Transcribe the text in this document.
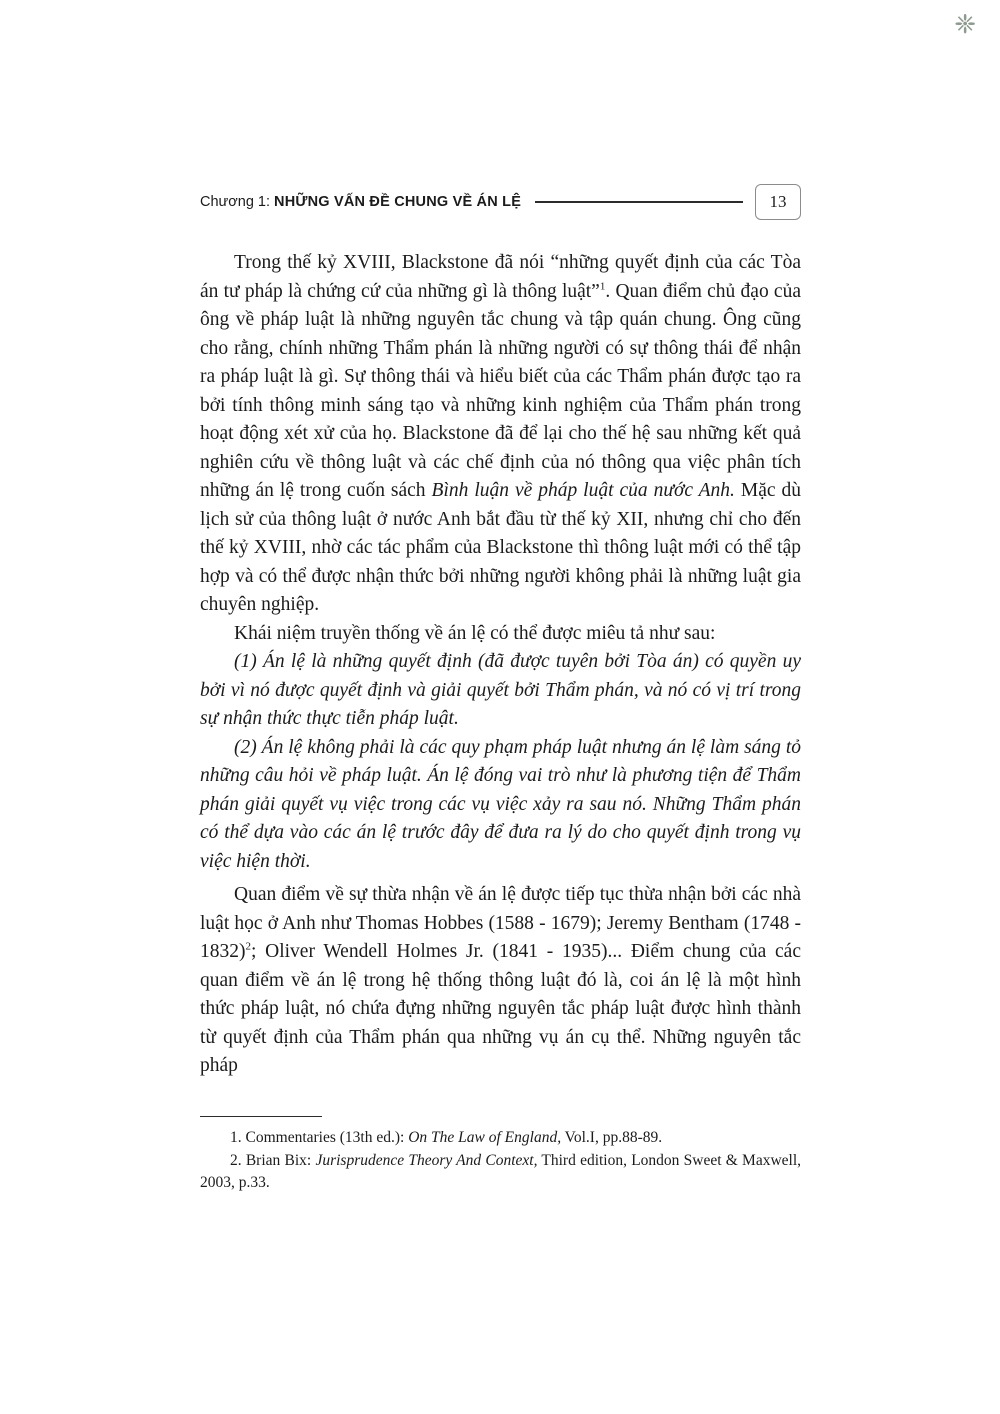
❈
Chương 1: NHỮNG VẤN ĐỀ CHUNG VỀ ÁN LỆ	13

Trong thế kỷ XVIII, Blackstone đã nói “những quyết định của các Tòa án tư pháp là chứng cứ của những gì là thông luật”$^1$. Quan điểm chủ đạo của ông về pháp luật là những nguyên tắc chung và tập quán chung. Ông cũng cho rằng, chính những Thẩm phán là những người có sự thông thái để nhận ra pháp luật là gì. Sự thông thái và hiểu biết của các Thẩm phán được tạo ra bởi tính thông minh sáng tạo và những kinh nghiệm của Thẩm phán trong hoạt động xét xử của họ. Blackstone đã để lại cho thế hệ sau những kết quả nghiên cứu về thông luật và các chế định của nó thông qua việc phân tích những án lệ trong cuốn sách Bình luận về pháp luật của nước Anh. Mặc dù lịch sử của thông luật ở nước Anh bắt đầu từ thế kỷ XII, nhưng chỉ cho đến thế kỷ XVIII, nhờ các tác phẩm của Blackstone thì thông luật mới có thể tập hợp và có thể được nhận thức bởi những người không phải là những luật gia chuyên nghiệp.

Khái niệm truyền thống về án lệ có thể được miêu tả như sau:

(1) Án lệ là những quyết định (đã được tuyên bởi Tòa án) có quyền uy bởi vì nó được quyết định và giải quyết bởi Thẩm phán, và nó có vị trí trong sự nhận thức thực tiễn pháp luật.

(2) Án lệ không phải là các quy phạm pháp luật nhưng án lệ làm sáng tỏ những câu hỏi về pháp luật. Án lệ đóng vai trò như là phương tiện để Thẩm phán giải quyết vụ việc trong các vụ việc xảy ra sau nó. Những Thẩm phán có thể dựa vào các án lệ trước đây để đưa ra lý do cho quyết định trong vụ việc hiện thời.

Quan điểm về sự thừa nhận về án lệ được tiếp tục thừa nhận bởi các nhà luật học ở Anh như Thomas Hobbes (1588 - 1679); Jeremy Bentham (1748 - 1832)$^2$; Oliver Wendell Holmes Jr. (1841 - 1935)... Điểm chung của các quan điểm về án lệ trong hệ thống thông luật đó là, coi án lệ là một hình thức pháp luật, nó chứa đựng những nguyên tắc pháp luật được hình thành từ quyết định của Thẩm phán qua những vụ án cụ thể. Những nguyên tắc pháp

1. Commentaries (13th ed.): On The Law of England, Vol.I, pp.88-89.

2. Brian Bix: Jurisprudence Theory And Context, Third edition, London Sweet & Maxwell, 2003, p.33.
